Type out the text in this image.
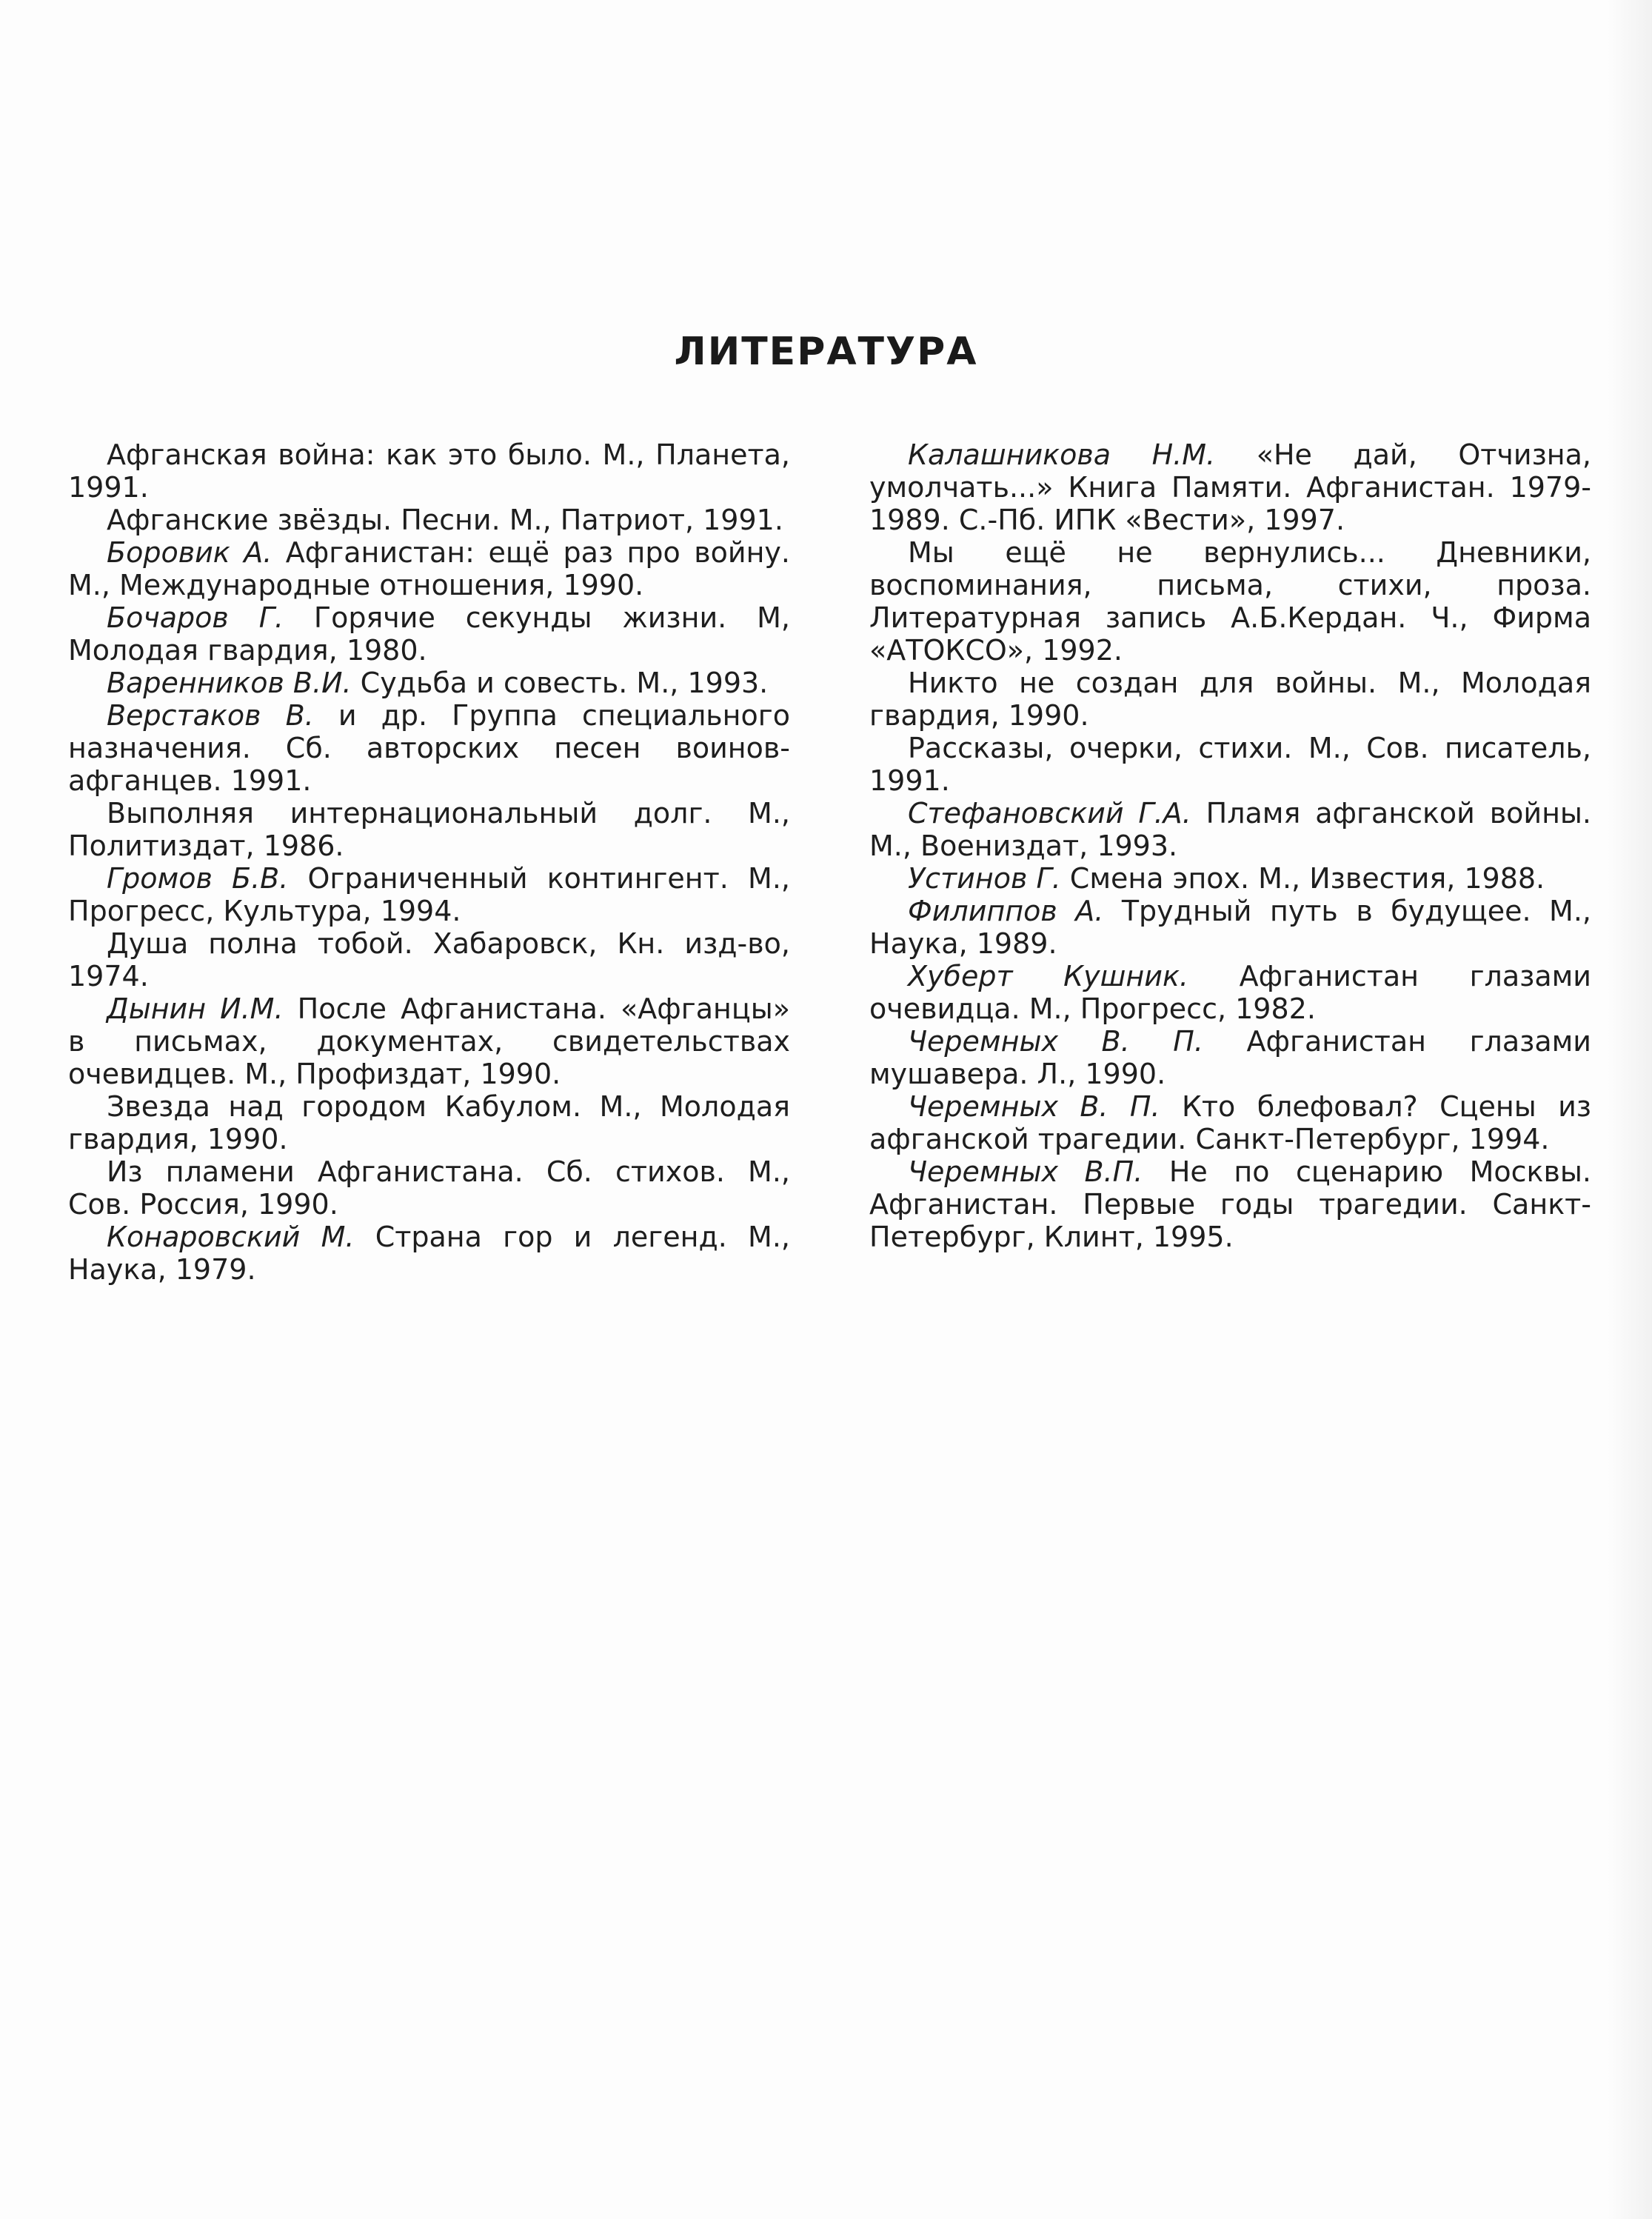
ЛИТЕРАТУРА

Афганская война: как это было. М., Планета, 1991.

Афганские звёзды. Песни. М., Патриот, 1991.

Боровик А. Афганистан: ещё раз про войну. М., Международные отношения, 1990.

Бочаров Г. Горячие секунды жизни. М, Молодая гвардия, 1980.

Варенников В.И. Судьба и совесть. М., 1993.

Верстаков В. и др. Группа специального назначения. Сб. авторских песен воинов-афганцев. 1991.

Выполняя интернациональный долг. М., Политиздат, 1986.

Громов Б.В. Ограниченный контингент. М., Прогресс, Культура, 1994.

Душа полна тобой. Хабаровск, Кн. изд-во, 1974.

Дынин И.М. После Афганистана. «Афганцы» в письмах, документах, свидетельствах очевидцев. М., Профиздат, 1990.

Звезда над городом Кабулом. М., Молодая гвардия, 1990.

Из пламени Афганистана. Сб. стихов. М., Сов. Россия, 1990.

Конаровский М. Страна гор и легенд. М., Наука, 1979.

Калашникова Н.М. «Не дай, Отчизна, умолчать...» Книга Памяти. Афганистан. 1979-1989. С.-Пб. ИПК «Вести», 1997.

Мы ещё не вернулись... Дневники, воспоминания, письма, стихи, проза. Литературная запись А.Б.Кердан. Ч., Фирма «АТОКСО», 1992.

Никто не создан для войны. М., Молодая гвардия, 1990.

Рассказы, очерки, стихи. М., Сов. писатель, 1991.

Стефановский Г.А. Пламя афганской войны. М., Воениздат, 1993.

Устинов Г. Смена эпох. М., Известия, 1988.

Филиппов А. Трудный путь в будущее. М., Наука, 1989.

Хуберт Кушник. Афганистан глазами очевидца. М., Прогресс, 1982.

Черемных В. П. Афганистан глазами мушавера. Л., 1990.

Черемных В. П. Кто блефовал? Сцены из афганской трагедии. Санкт-Петербург, 1994.

Черемных В.П. Не по сценарию Москвы. Афганистан. Первые годы трагедии. Санкт-Петербург, Клинт, 1995.
